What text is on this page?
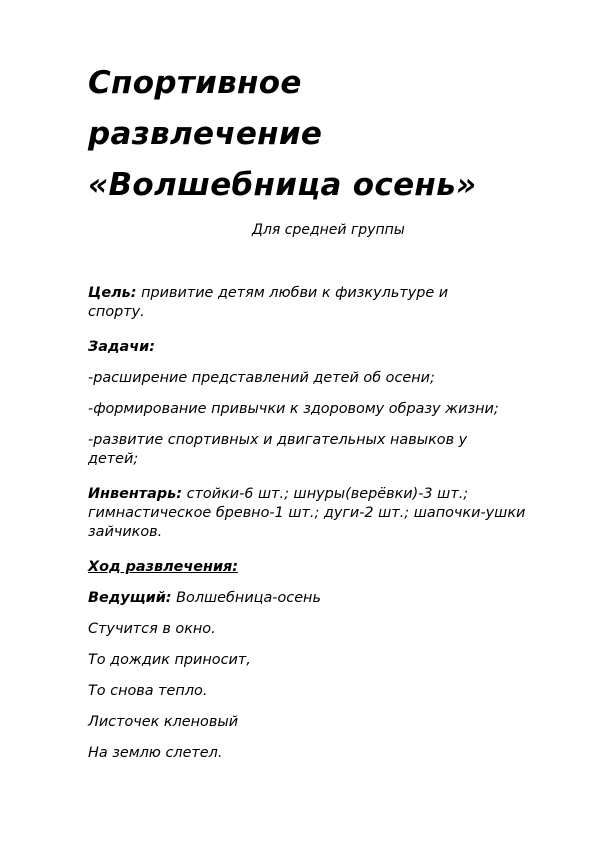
Спортивное
развлечение
«Волшебница осень»
Для средней группы
Цель: привитие детям любви к физкультуре и спорту.
Задачи:
-расширение представлений детей об осени;
-формирование привычки к здоровому образу жизни;
-развитие спортивных и двигательных навыков у детей;
Инвентарь: стойки-6 шт.; шнуры(верёвки)-3 шт.; гимнастическое бревно-1 шт.; дуги-2 шт.; шапочки-ушки зайчиков.
Ход развлечения:
Ведущий: Волшебница-осень
Стучится в окно.
То дождик приносит,
То снова тепло.
Листочек кленовый
На землю слетел.
